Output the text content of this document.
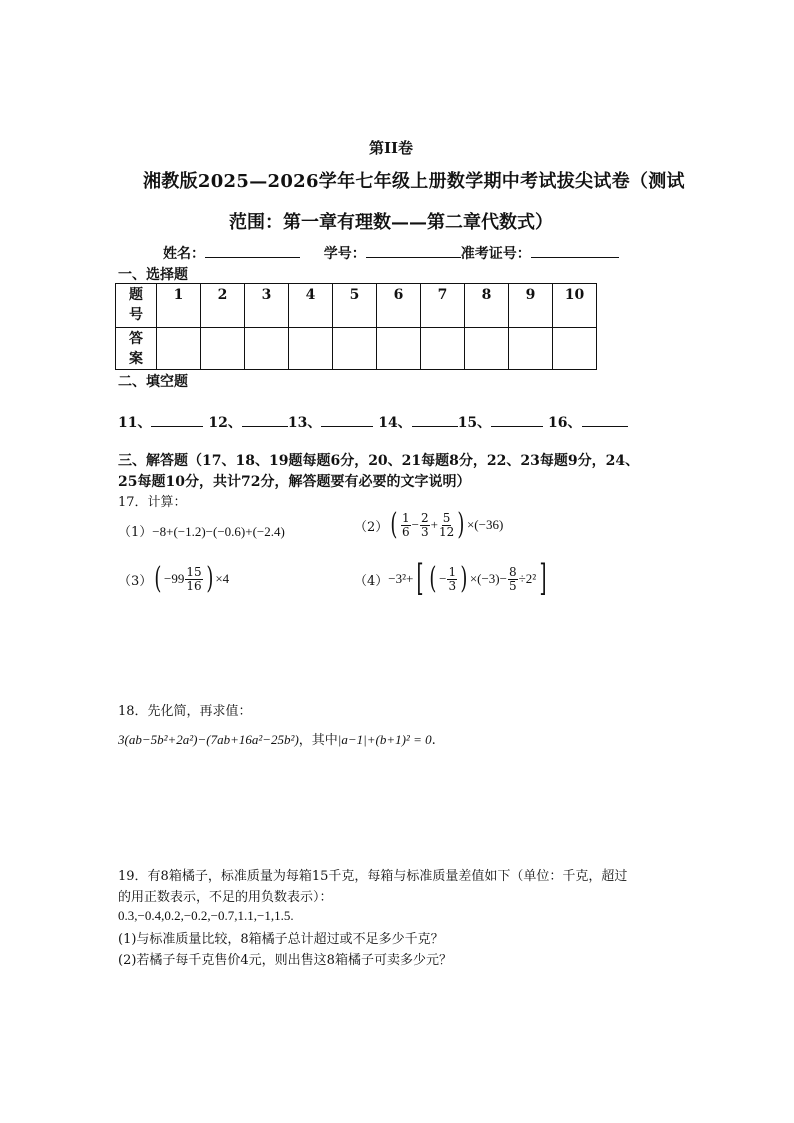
第II卷
湘教版2025—2026学年七年级上册数学期中考试拔尖试卷（测试
范围：第一章有理数——第二章代数式）
姓名：	学号：	准考证号：
一、选择题
题号	1	2	3	4	5	6	7	8	9	10

答案										

二、填空题
11、	12、	13、	14、	15、	16、
三、解答题（17、18、19题每题6分，20、21每题8分，22、23每题9分，24、
25每题10分，共计72分，解答题要有必要的文字说明）
17．计算：
（1）−8+(−1.2)−(−0.6)+(−2.4)	（2） ( $\frac{1}{6} - \frac{2}{3} + \frac{5}{12}$ ) ×(−36)
（3） ( $-99 \frac{15}{16}$ ) ×4	（4） −3²+ [ ( − $\frac{1}{3}$ ) $\times(-3)- \frac{8}{5} \div 2^2$ ]
18．先化简，再求值：
3(ab−5b²+2a²)−(7ab+16a²−25b²)，其中|a−1|+(b+1)² = 0.
19．有8箱橘子，标准质量为每箱15千克，每箱与标准质量差值如下（单位：千克，超过
的用正数表示，不足的用负数表示）：
0.3,−0.4,0.2,−0.2,−0.7,1.1,−1,1.5.
(1)与标准质量比较，8箱橘子总计超过或不足多少千克？
(2)若橘子每千克售价4元，则出售这8箱橘子可卖多少元？
